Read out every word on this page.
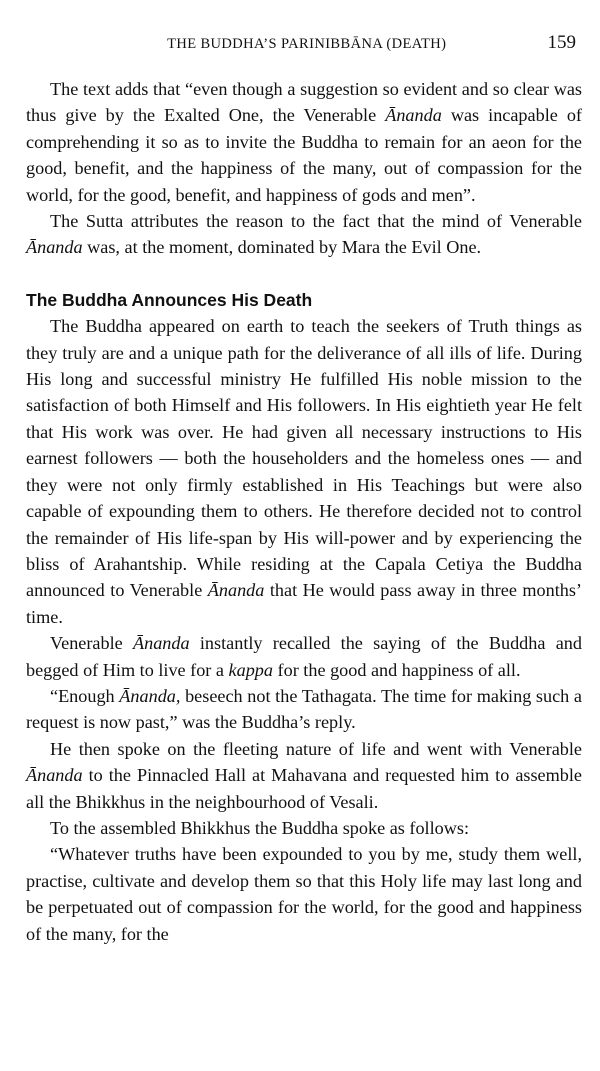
THE BUDDHA’S PARINIBBĀNA (DEATH)	159

The text adds that “even though a suggestion so evident and so clear was thus give by the Exalted One, the Venerable Ānanda was incapable of comprehending it so as to invite the Buddha to remain for an aeon for the good, benefit, and the happiness of the many, out of compassion for the world, for the good, benefit, and happiness of gods and men”.

The Sutta attributes the reason to the fact that the mind of Venerable Ānanda was, at the moment, dominated by Mara the Evil One.

The Buddha Announces His Death

The Buddha appeared on earth to teach the seekers of Truth things as they truly are and a unique path for the deliverance of all ills of life. During His long and successful ministry He fulfilled His noble mission to the satisfaction of both Himself and His followers. In His eightieth year He felt that His work was over. He had given all necessary instructions to His earnest followers — both the householders and the homeless ones — and they were not only firmly established in His Teachings but were also capable of expounding them to others. He therefore decided not to control the remainder of His life-span by His will-power and by experiencing the bliss of Arahantship. While residing at the Capala Cetiya the Buddha announced to Venerable Ānanda that He would pass away in three months’ time.

Venerable Ānanda instantly recalled the saying of the Buddha and begged of Him to live for a kappa for the good and happiness of all.

“Enough Ānanda, beseech not the Tathagata. The time for making such a request is now past,” was the Buddha’s reply.

He then spoke on the fleeting nature of life and went with Venerable Ānanda to the Pinnacled Hall at Mahavana and requested him to assemble all the Bhikkhus in the neighbourhood of Vesali.

To the assembled Bhikkhus the Buddha spoke as follows:

“Whatever truths have been expounded to you by me, study them well, practise, cultivate and develop them so that this Holy life may last long and be perpetuated out of compassion for the world, for the good and happiness of the many, for the
